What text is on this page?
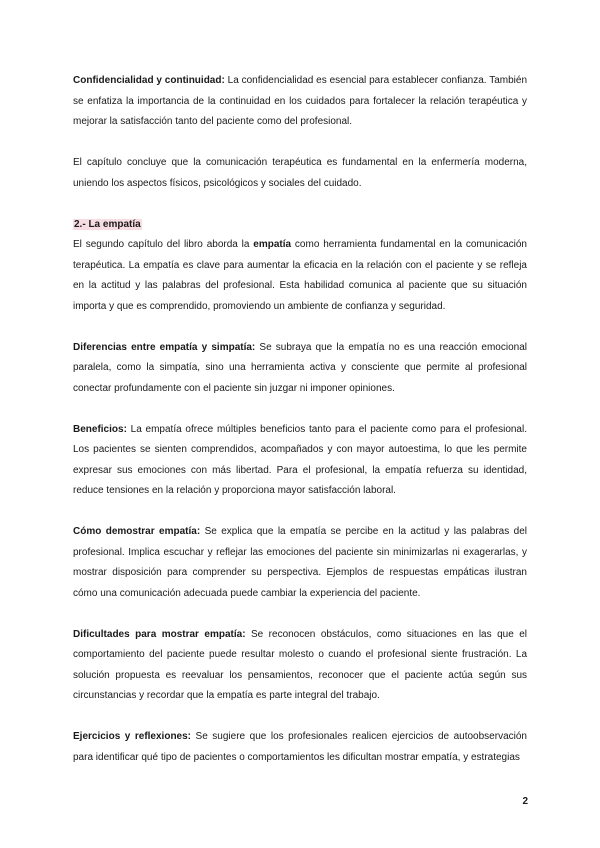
Confidencialidad y continuidad: La confidencialidad es esencial para establecer confianza. También se enfatiza la importancia de la continuidad en los cuidados para fortalecer la relación terapéutica y mejorar la satisfacción tanto del paciente como del profesional.

El capítulo concluye que la comunicación terapéutica es fundamental en la enfermería moderna, uniendo los aspectos físicos, psicológicos y sociales del cuidado.

2.- La empatía

El segundo capítulo del libro aborda la empatía como herramienta fundamental en la comunicación terapéutica. La empatía es clave para aumentar la eficacia en la relación con el paciente y se refleja en la actitud y las palabras del profesional. Esta habilidad comunica al paciente que su situación importa y que es comprendido, promoviendo un ambiente de confianza y seguridad.

Diferencias entre empatía y simpatía: Se subraya que la empatía no es una reacción emocional paralela, como la simpatía, sino una herramienta activa y consciente que permite al profesional conectar profundamente con el paciente sin juzgar ni imponer opiniones.

Beneficios: La empatía ofrece múltiples beneficios tanto para el paciente como para el profesional. Los pacientes se sienten comprendidos, acompañados y con mayor autoestima, lo que les permite expresar sus emociones con más libertad. Para el profesional, la empatía refuerza su identidad, reduce tensiones en la relación y proporciona mayor satisfacción laboral.

Cómo demostrar empatía: Se explica que la empatía se percibe en la actitud y las palabras del profesional. Implica escuchar y reflejar las emociones del paciente sin minimizarlas ni exagerarlas, y mostrar disposición para comprender su perspectiva. Ejemplos de respuestas empáticas ilustran cómo una comunicación adecuada puede cambiar la experiencia del paciente.

Dificultades para mostrar empatía: Se reconocen obstáculos, como situaciones en las que el comportamiento del paciente puede resultar molesto o cuando el profesional siente frustración. La solución propuesta es reevaluar los pensamientos, reconocer que el paciente actúa según sus circunstancias y recordar que la empatía es parte integral del trabajo.

Ejercicios y reflexiones: Se sugiere que los profesionales realicen ejercicios de autoobservación para identificar qué tipo de pacientes o comportamientos les dificultan mostrar empatía, y estrategias

2
